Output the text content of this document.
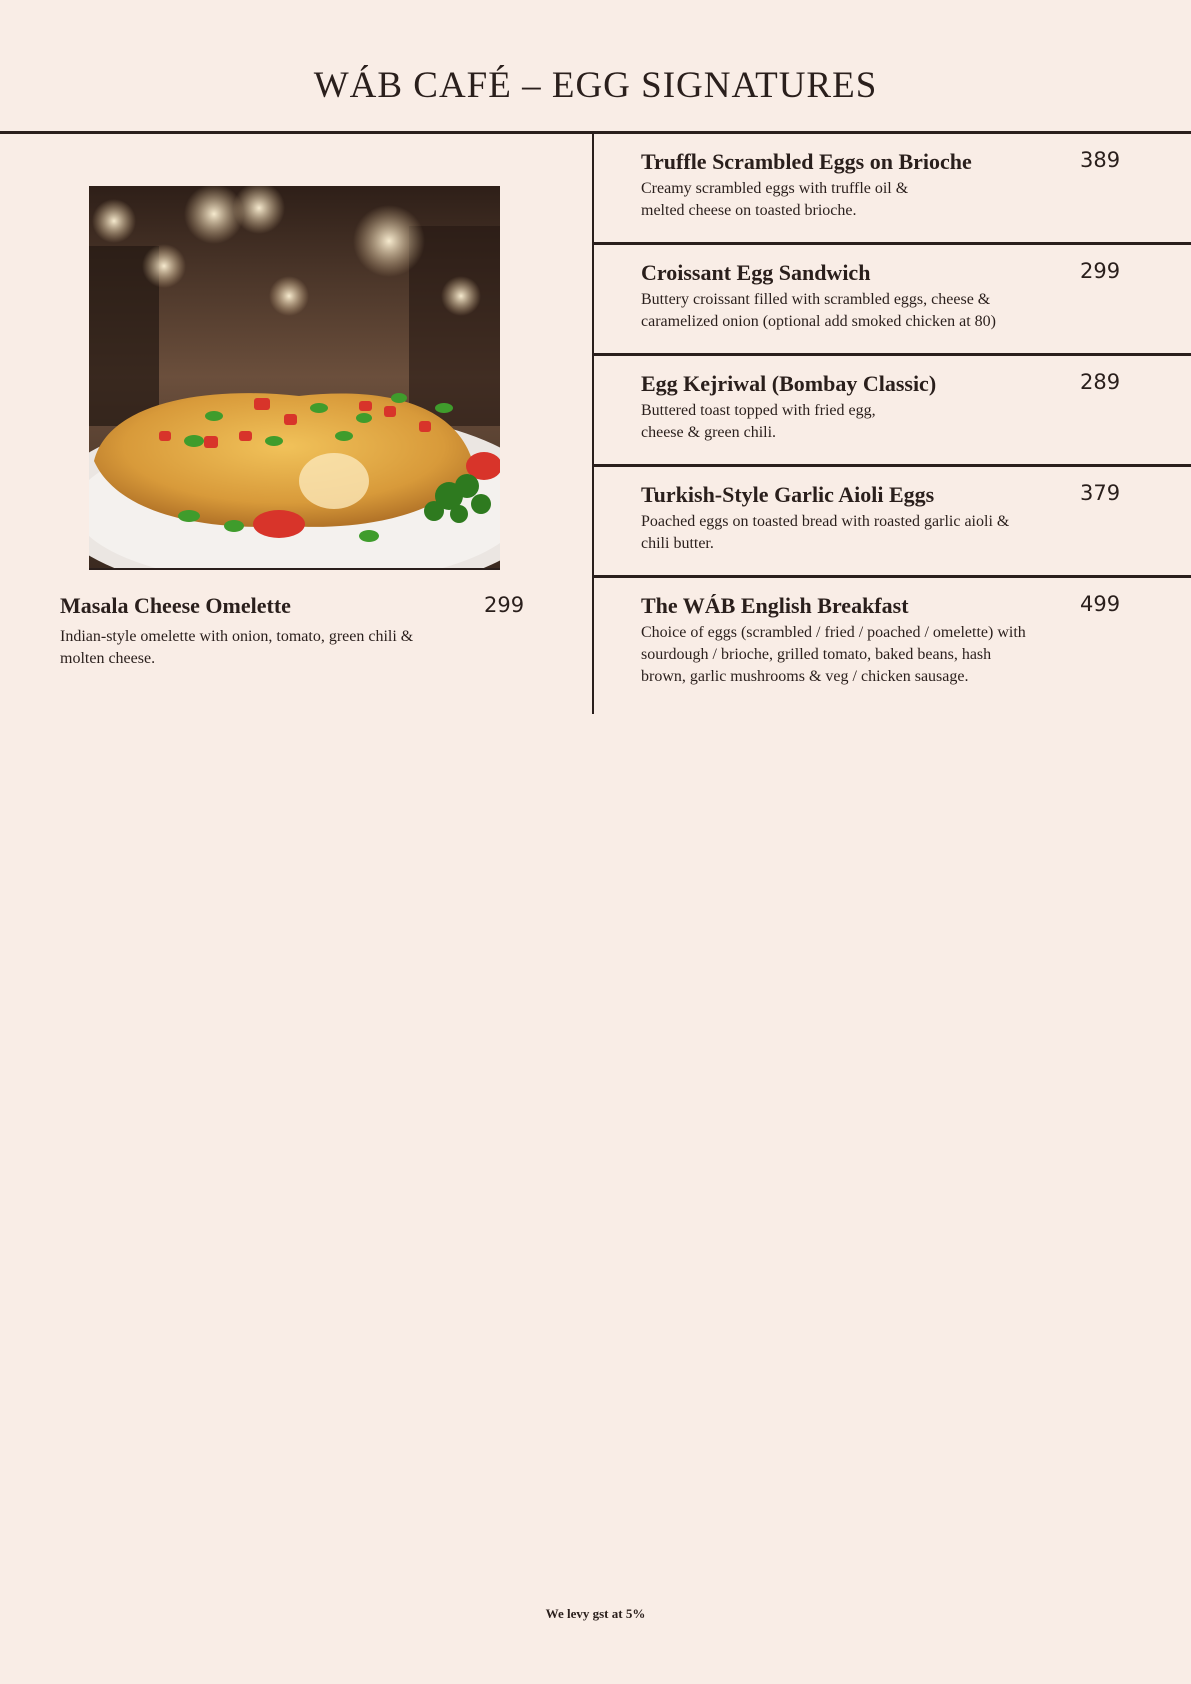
WÁB CAFÉ – EGG SIGNATURES
Masala Cheese Omelette	299
Indian-style omelette with onion, tomato, green chili & molten cheese.
Truffle Scrambled Eggs on Brioche	389
Creamy scrambled eggs with truffle oil &
melted cheese on toasted brioche.
Croissant Egg Sandwich	299
Buttery croissant filled with scrambled eggs, cheese &
caramelized onion (optional add smoked chicken at 80)
Egg Kejriwal (Bombay Classic)	289
Buttered toast topped with fried egg,
cheese & green chili.
Turkish-Style Garlic Aioli Eggs	379
Poached eggs on toasted bread with roasted garlic aioli &
chili butter.
The WÁB English Breakfast	499
Choice of eggs (scrambled / fried / poached / omelette) with
sourdough / brioche, grilled tomato, baked beans, hash
brown, garlic mushrooms & veg / chicken sausage.
We levy gst at 5%
